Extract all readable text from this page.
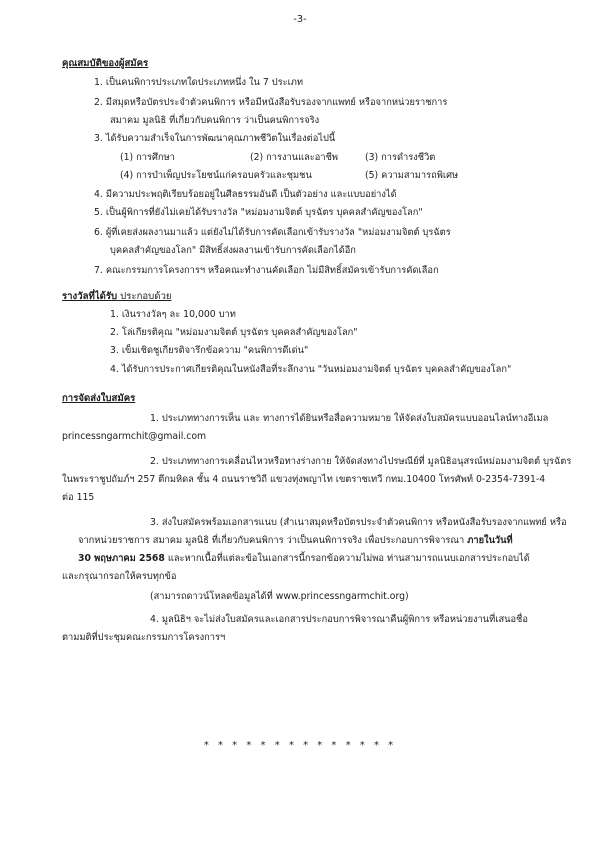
-3-
คุณสมบัติของผู้สมัคร
1. เป็นคนพิการประเภทใดประเภทหนึ่ง ใน 7 ประเภท
2. มีสมุดหรือบัตรประจำตัวคนพิการ หรือมีหนังสือรับรองจากแพทย์ หรือจากหน่วยราชการ
สมาคม มูลนิธิ ที่เกี่ยวกับคนพิการ ว่าเป็นคนพิการจริง
3. ได้รับความสำเร็จในการพัฒนาคุณภาพชีวิตในเรื่องต่อไปนี้
(1) การศึกษา	(2) การงานและอาชีพ	(3) การดำรงชีวิต
(4) การบำเพ็ญประโยชน์แก่ครอบครัวและชุมชน	(5) ความสามารถพิเศษ
4. มีความประพฤติเรียบร้อยอยู่ในศีลธรรมอันดี เป็นตัวอย่าง และแบบอย่างได้
5. เป็นผู้พิการที่ยังไม่เคยได้รับรางวัล "หม่อมงามจิตต์ บุรฉัตร บุคคลสำคัญของโลก"
6. ผู้ที่เคยส่งผลงานมาแล้ว แต่ยังไม่ได้รับการคัดเลือกเข้ารับรางวัล "หม่อมงามจิตต์ บุรฉัตร
บุคคลสำคัญของโลก" มีสิทธิ์ส่งผลงานเข้ารับการคัดเลือกได้อีก
7. คณะกรรมการโครงการฯ หรือคณะทำงานคัดเลือก ไม่มีสิทธิ์สมัครเข้ารับการคัดเลือก
รางวัลที่ได้รับ ประกอบด้วย
1. เงินรางวัลๆ ละ 10,000 บาท
2. โล่เกียรติคุณ "หม่อมงามจิตต์ บุรฉัตร บุคคลสำคัญของโลก"
3. เข็มเชิดชูเกียรติจารึกข้อความ "คนพิการดีเด่น"
4. ได้รับการประกาศเกียรติคุณในหนังสือที่ระลึกงาน "วันหม่อมงามจิตต์ บุรฉัตร บุคคลสำคัญของโลก"
การจัดส่งใบสมัคร
1. ประเภททางการเห็น และ ทางการได้ยินหรือสื่อความหมาย ให้จัดส่งใบสมัครแบบออนไลน์ทางอีเมล
princessngarmchit@gmail.com
2. ประเภททางการเคลื่อนไหวหรือทางร่างกาย ให้จัดส่งทางไปรษณีย์ที่ มูลนิธิอนุสรณ์หม่อมงามจิตต์ บุรฉัตร
ในพระราชูปถัมภ์ฯ 257 ตึกมหิดล ชั้น 4 ถนนราชวิถี แขวงทุ่งพญาไท เขตราชเทวี กทม.10400 โทรศัพท์ 0-2354-7391-4
ต่อ 115
3. ส่งใบสมัครพร้อมเอกสารแนบ (สำเนาสมุดหรือบัตรประจำตัวคนพิการ หรือหนังสือรับรองจากแพทย์ หรือ
จากหน่วยราชการ สมาคม มูลนิธิ ที่เกี่ยวกับคนพิการ ว่าเป็นคนพิการจริง เพื่อประกอบการพิจารณา ภายในวันที่
30 พฤษภาคม 2568 และหากเนื้อที่แต่ละข้อในเอกสารนี้กรอกข้อความไม่พอ ท่านสามารถแนบเอกสารประกอบได้
และกรุณากรอกให้ครบทุกข้อ
(สามารถดาวน์โหลดข้อมูลได้ที่ www.princessngarmchit.org)
4. มูลนิธิฯ จะไม่ส่งใบสมัครและเอกสารประกอบการพิจารณาคืนผู้พิการ หรือหน่วยงานที่เสนอชื่อ
ตามมติที่ประชุมคณะกรรมการโครงการฯ
* * * * * * * * * * * * * *
